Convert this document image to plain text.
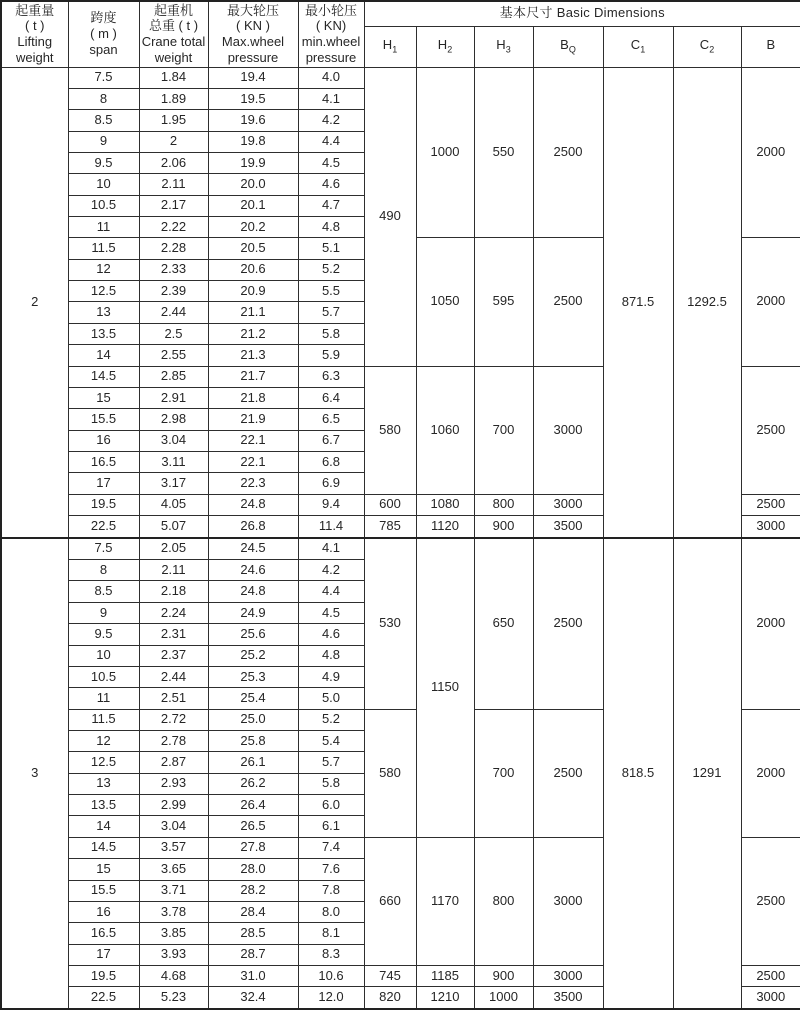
起重量
( t )
Lifting
weight	跨度
( m )
span	起重机
总重 ( t )
Crane total
weight	最大轮压
( KN )
Max.wheel
pressure	最小轮压
( KN)
min.wheel
pressure	基本尺寸 Basic Dimensions						
					$H_1$	$H_2$	$H_3$	$B_Q$	$C_1$	$C_2$	B
2	7.5	1.84	19.4	4.0	490	1000	550	2500	871.5	1292.5	2000
	8	1.89	19.5	4.1							
	8.5	1.95	19.6	4.2							
	9	2	19.8	4.4							
	9.5	2.06	19.9	4.5							
	10	2.11	20.0	4.6							
	10.5	2.17	20.1	4.7							
	11	2.22	20.2	4.8							
	11.5	2.28	20.5	5.1		1050	595	2500			2000
	12	2.33	20.6	5.2							
	12.5	2.39	20.9	5.5							
	13	2.44	21.1	5.7							
	13.5	2.5	21.2	5.8							
	14	2.55	21.3	5.9							
	14.5	2.85	21.7	6.3	580	1060	700	3000			2500
	15	2.91	21.8	6.4							
	15.5	2.98	21.9	6.5							
	16	3.04	22.1	6.7							
	16.5	3.11	22.1	6.8							
	17	3.17	22.3	6.9							
	19.5	4.05	24.8	9.4	600	1080	800	3000			2500
	22.5	5.07	26.8	11.4	785	1120	900	3500			3000
3	7.5	2.05	24.5	4.1	530	1150	650	2500	818.5	1291	2000
	8	2.11	24.6	4.2							
	8.5	2.18	24.8	4.4							
	9	2.24	24.9	4.5							
	9.5	2.31	25.6	4.6							
	10	2.37	25.2	4.8							
	10.5	2.44	25.3	4.9							
	11	2.51	25.4	5.0							
	11.5	2.72	25.0	5.2	580		700	2500			2000
	12	2.78	25.8	5.4							
	12.5	2.87	26.1	5.7							
	13	2.93	26.2	5.8							
	13.5	2.99	26.4	6.0							
	14	3.04	26.5	6.1							
	14.5	3.57	27.8	7.4	660	1170	800	3000			2500
	15	3.65	28.0	7.6							
	15.5	3.71	28.2	7.8							
	16	3.78	28.4	8.0							
	16.5	3.85	28.5	8.1							
	17	3.93	28.7	8.3							
	19.5	4.68	31.0	10.6	745	1185	900	3000			2500
	22.5	5.23	32.4	12.0	820	1210	1000	3500			3000
